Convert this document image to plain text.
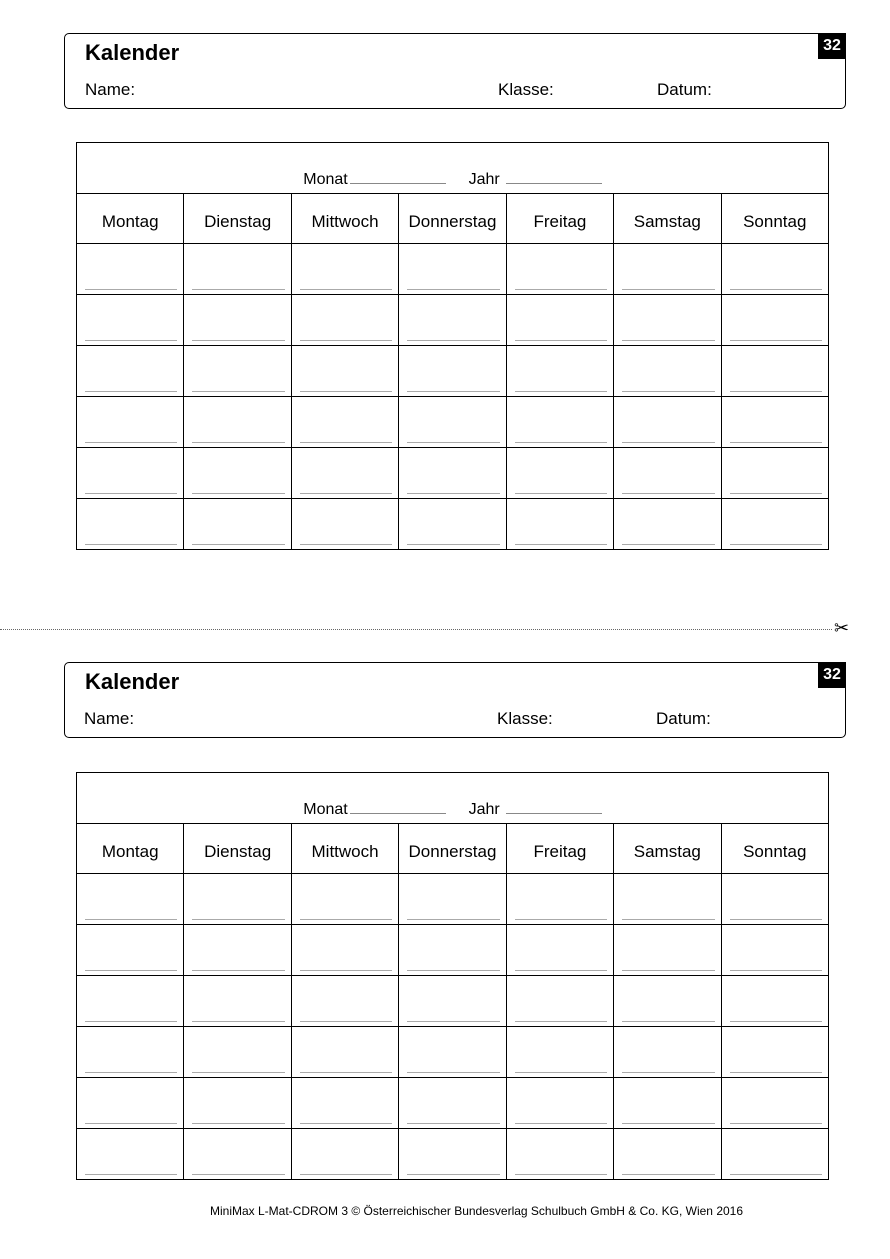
Kalender
Name:	Klasse:	Datum:
32
Monat Jahr						

Montag	Dienstag	Mittwoch	Donnerstag	Freitag	Samstag	Sonntag

✂
Kalender
Name:	Klasse:	Datum:
32
Monat Jahr						

Montag	Dienstag	Mittwoch	Donnerstag	Freitag	Samstag	Sonntag

MiniMax L-Mat-CDROM 3 © Österreichischer Bundesverlag Schulbuch GmbH & Co. KG, Wien 2016
